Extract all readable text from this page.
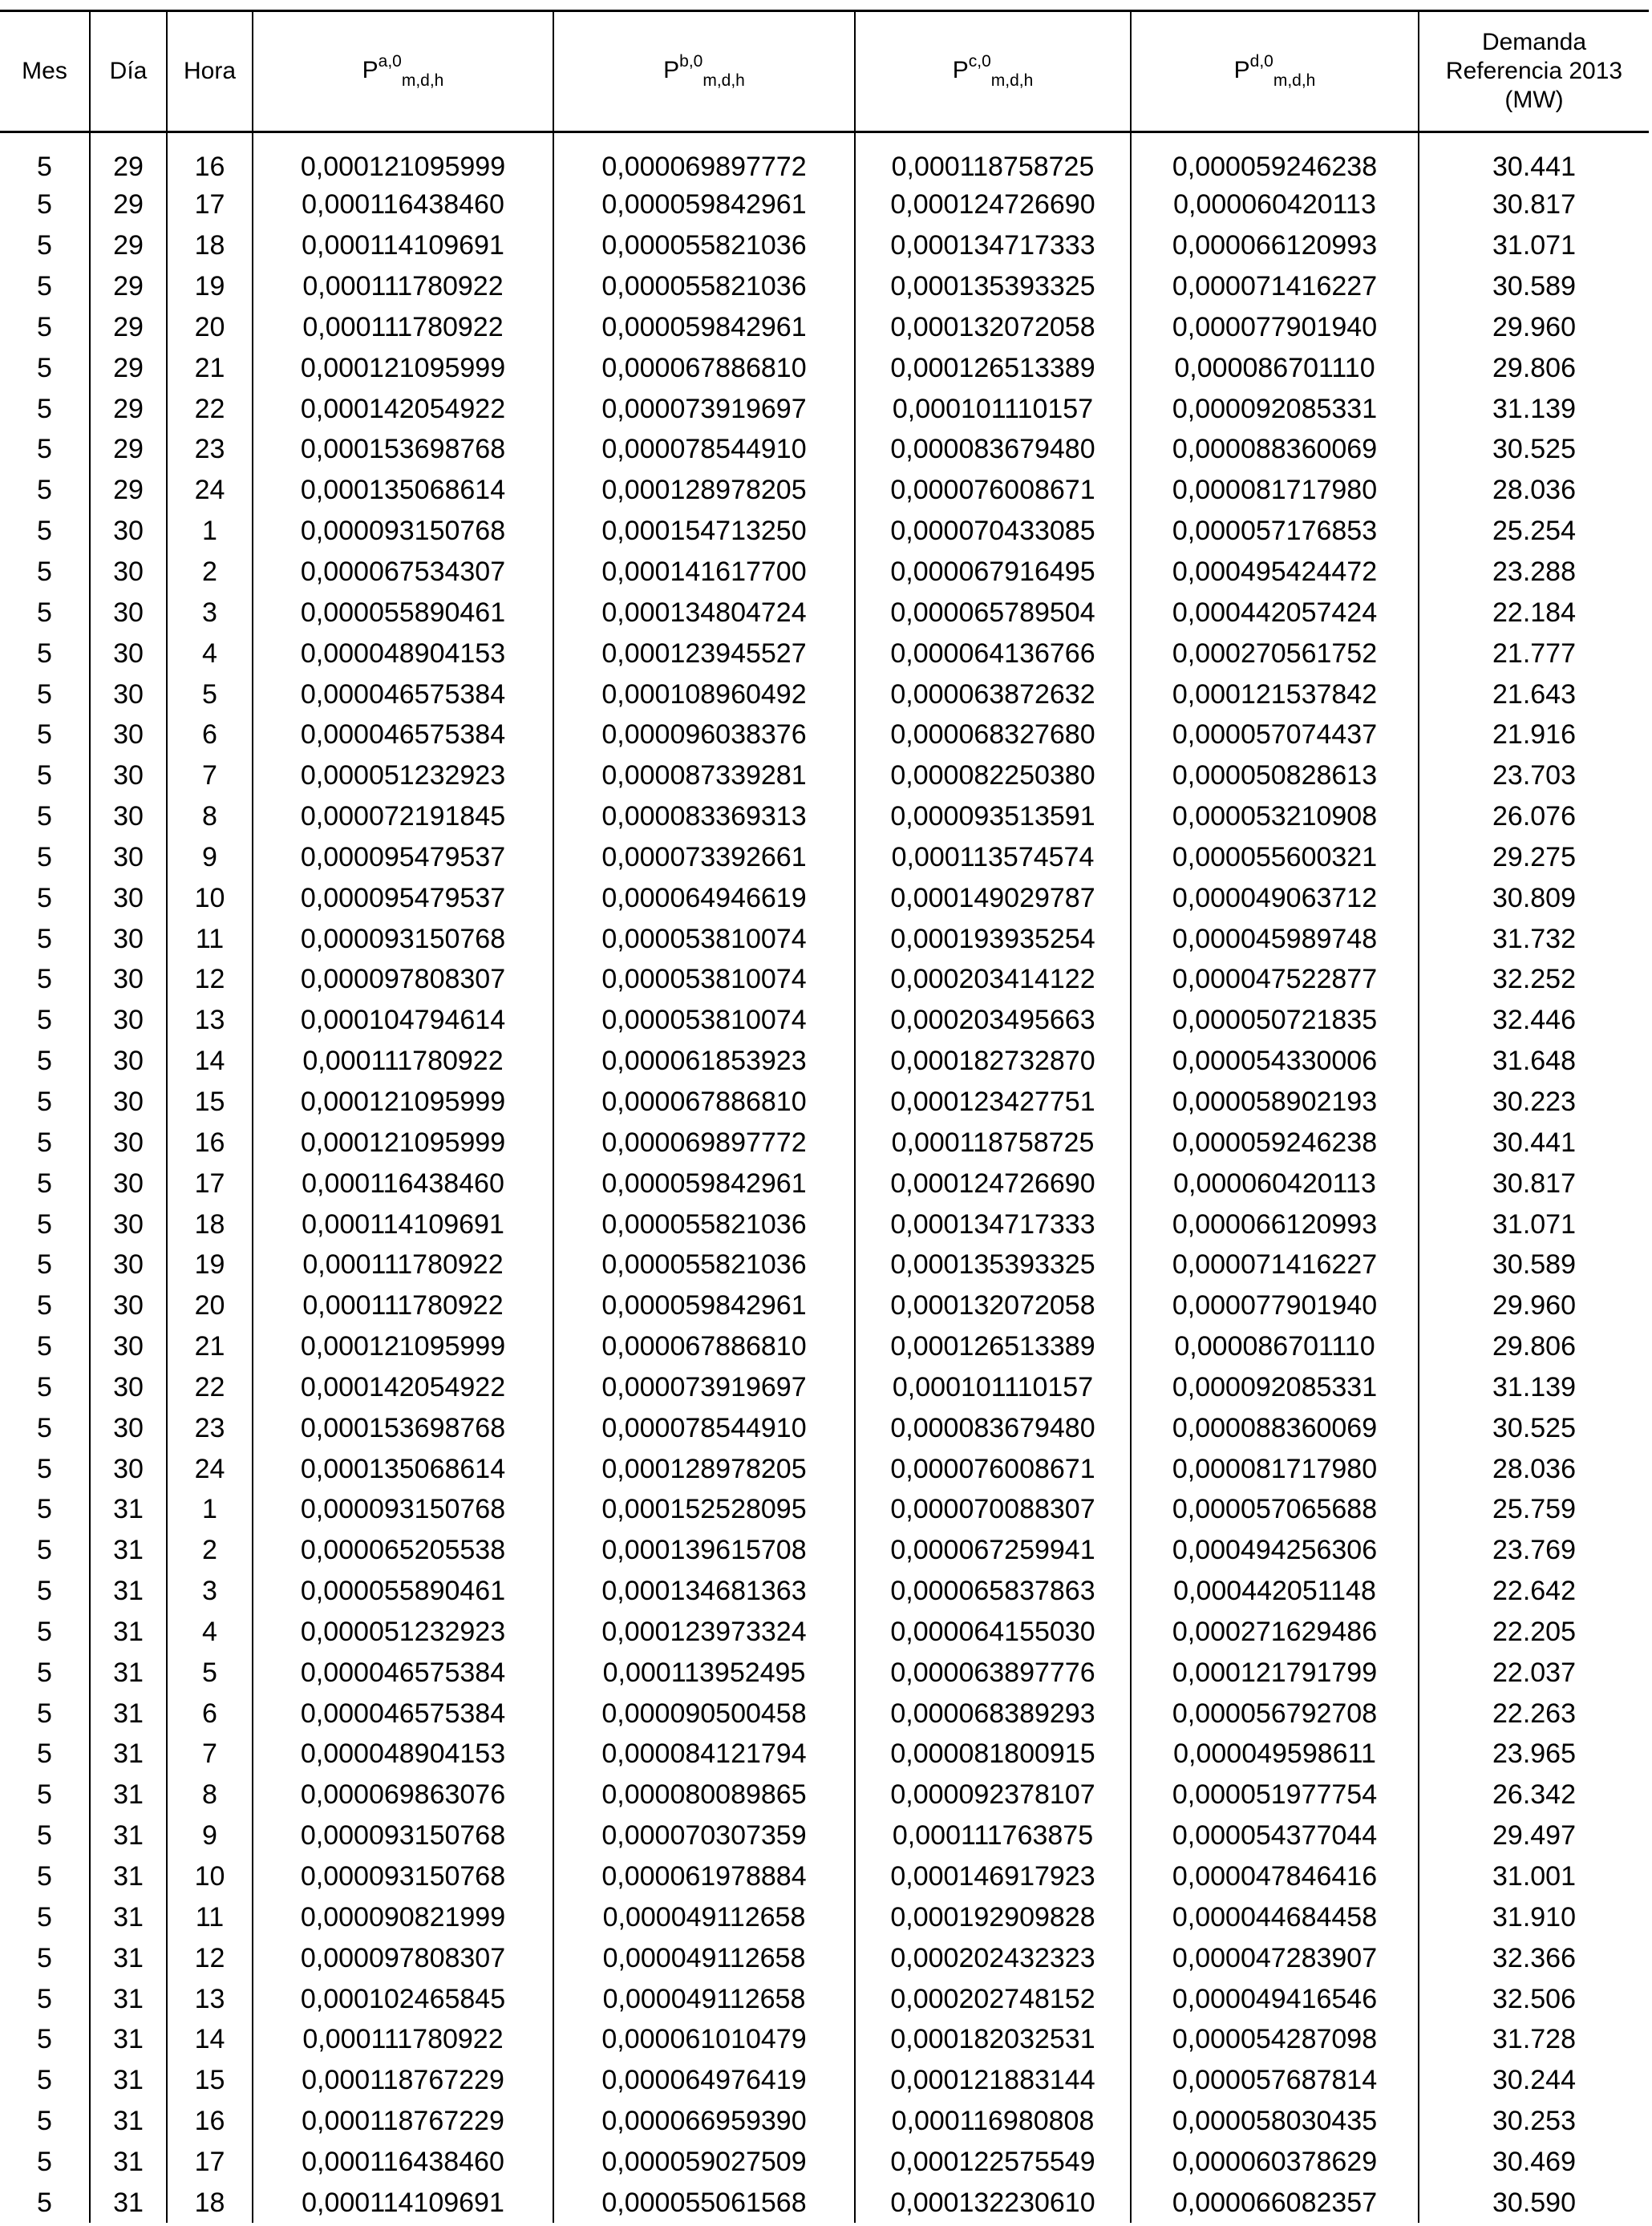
Mes	Día	Hora	P$^{a,0}_{m,d,h}$	P$^{b,0}_{m,d,h}$	P$^{c,0}_{m,d,h}$	P$^{d,0}_{m,d,h}$	Demanda
Referencia 2013
(MW)
5	29	16	0,000121095999	0,000069897772	0,000118758725	0,000059246238	30.441
5	29	17	0,000116438460	0,000059842961	0,000124726690	0,000060420113	30.817
5	29	18	0,000114109691	0,000055821036	0,000134717333	0,000066120993	31.071
5	29	19	0,000111780922	0,000055821036	0,000135393325	0,000071416227	30.589
5	29	20	0,000111780922	0,000059842961	0,000132072058	0,000077901940	29.960
5	29	21	0,000121095999	0,000067886810	0,000126513389	0,000086701110	29.806
5	29	22	0,000142054922	0,000073919697	0,000101110157	0,000092085331	31.139
5	29	23	0,000153698768	0,000078544910	0,000083679480	0,000088360069	30.525
5	29	24	0,000135068614	0,000128978205	0,000076008671	0,000081717980	28.036
5	30	1	0,000093150768	0,000154713250	0,000070433085	0,000057176853	25.254
5	30	2	0,000067534307	0,000141617700	0,000067916495	0,000495424472	23.288
5	30	3	0,000055890461	0,000134804724	0,000065789504	0,000442057424	22.184
5	30	4	0,000048904153	0,000123945527	0,000064136766	0,000270561752	21.777
5	30	5	0,000046575384	0,000108960492	0,000063872632	0,000121537842	21.643
5	30	6	0,000046575384	0,000096038376	0,000068327680	0,000057074437	21.916
5	30	7	0,000051232923	0,000087339281	0,000082250380	0,000050828613	23.703
5	30	8	0,000072191845	0,000083369313	0,000093513591	0,000053210908	26.076
5	30	9	0,000095479537	0,000073392661	0,000113574574	0,000055600321	29.275
5	30	10	0,000095479537	0,000064946619	0,000149029787	0,000049063712	30.809
5	30	11	0,000093150768	0,000053810074	0,000193935254	0,000045989748	31.732
5	30	12	0,000097808307	0,000053810074	0,000203414122	0,000047522877	32.252
5	30	13	0,000104794614	0,000053810074	0,000203495663	0,000050721835	32.446
5	30	14	0,000111780922	0,000061853923	0,000182732870	0,000054330006	31.648
5	30	15	0,000121095999	0,000067886810	0,000123427751	0,000058902193	30.223
5	30	16	0,000121095999	0,000069897772	0,000118758725	0,000059246238	30.441
5	30	17	0,000116438460	0,000059842961	0,000124726690	0,000060420113	30.817
5	30	18	0,000114109691	0,000055821036	0,000134717333	0,000066120993	31.071
5	30	19	0,000111780922	0,000055821036	0,000135393325	0,000071416227	30.589
5	30	20	0,000111780922	0,000059842961	0,000132072058	0,000077901940	29.960
5	30	21	0,000121095999	0,000067886810	0,000126513389	0,000086701110	29.806
5	30	22	0,000142054922	0,000073919697	0,000101110157	0,000092085331	31.139
5	30	23	0,000153698768	0,000078544910	0,000083679480	0,000088360069	30.525
5	30	24	0,000135068614	0,000128978205	0,000076008671	0,000081717980	28.036
5	31	1	0,000093150768	0,000152528095	0,000070088307	0,000057065688	25.759
5	31	2	0,000065205538	0,000139615708	0,000067259941	0,000494256306	23.769
5	31	3	0,000055890461	0,000134681363	0,000065837863	0,000442051148	22.642
5	31	4	0,000051232923	0,000123973324	0,000064155030	0,000271629486	22.205
5	31	5	0,000046575384	0,000113952495	0,000063897776	0,000121791799	22.037
5	31	6	0,000046575384	0,000090500458	0,000068389293	0,000056792708	22.263
5	31	7	0,000048904153	0,000084121794	0,000081800915	0,000049598611	23.965
5	31	8	0,000069863076	0,000080089865	0,000092378107	0,000051977754	26.342
5	31	9	0,000093150768	0,000070307359	0,000111763875	0,000054377044	29.497
5	31	10	0,000093150768	0,000061978884	0,000146917923	0,000047846416	31.001
5	31	11	0,000090821999	0,000049112658	0,000192909828	0,000044684458	31.910
5	31	12	0,000097808307	0,000049112658	0,000202432323	0,000047283907	32.366
5	31	13	0,000102465845	0,000049112658	0,000202748152	0,000049416546	32.506
5	31	14	0,000111780922	0,000061010479	0,000182032531	0,000054287098	31.728
5	31	15	0,000118767229	0,000064976419	0,000121883144	0,000057687814	30.244
5	31	16	0,000118767229	0,000066959390	0,000116980808	0,000058030435	30.253
5	31	17	0,000116438460	0,000059027509	0,000122575549	0,000060378629	30.469
5	31	18	0,000114109691	0,000055061568	0,000132230610	0,000066082357	30.590
